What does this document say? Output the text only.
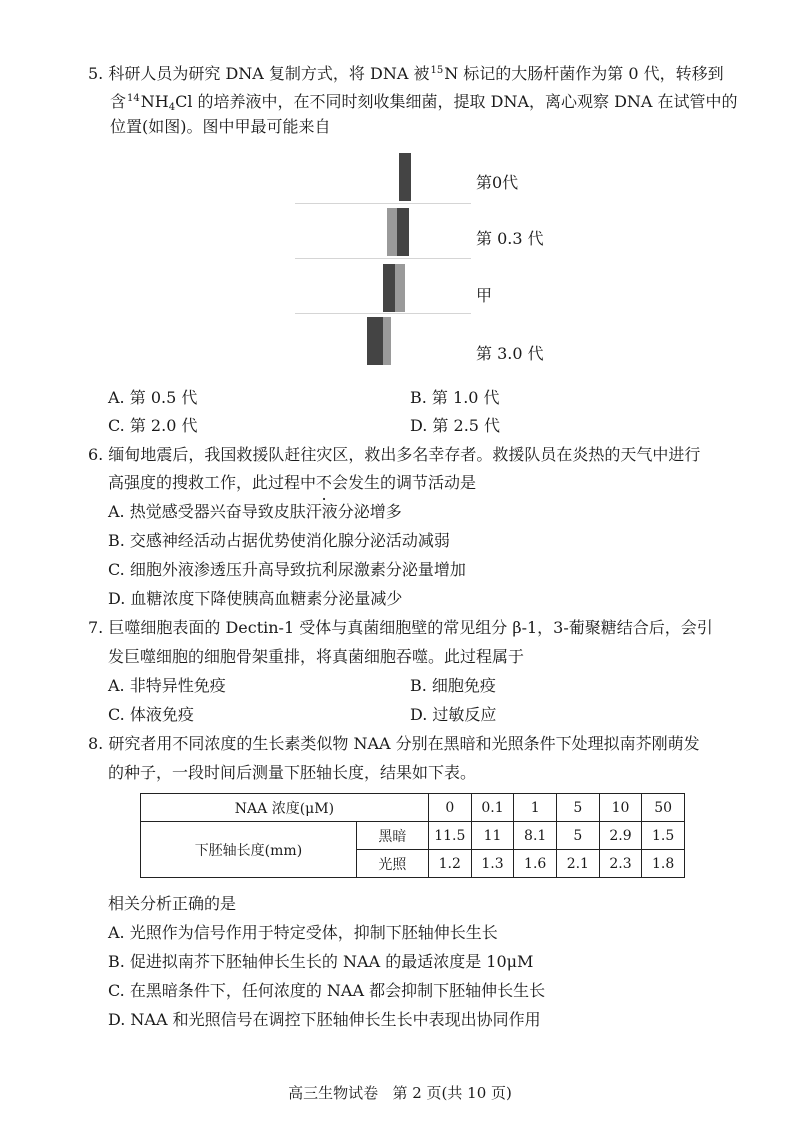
5. 科研人员为研究 DNA 复制方式，将 DNA 被$^{15}$N 标记的大肠杆菌作为第 0 代，转移到
含$^{14}NH_4Cl$ 的培养液中，在不同时刻收集细菌，提取 DNA，离心观察 DNA 在试管中的
位置(如图)。图中甲最可能来自
第0代
第 0.3 代
甲
第 3.0 代
A. 第 0.5 代	B. 第 1.0 代
C. 第 2.0 代	D. 第 2.5 代
6. 缅甸地震后，我国救援队赶往灾区，救出多名幸存者。救援队员在炎热的天气中进行
高强度的搜救工作，此过程中不会发生的调节活动是
A. 热觉感受器兴奋导致皮肤汗液分泌增多
B. 交感神经活动占据优势使消化腺分泌活动减弱
C. 细胞外液渗透压升高导致抗利尿激素分泌量增加
D. 血糖浓度下降使胰高血糖素分泌量减少
7. 巨噬细胞表面的 Dectin-1 受体与真菌细胞壁的常见组分 β-1，3-葡聚糖结合后，会引
发巨噬细胞的细胞骨架重排，将真菌细胞吞噬。此过程属于
A. 非特异性免疫	B. 细胞免疫
C. 体液免疫	D. 过敏反应
8. 研究者用不同浓度的生长素类似物 NAA 分别在黑暗和光照条件下处理拟南芥刚萌发
的种子，一段时间后测量下胚轴长度，结果如下表。
NAA 浓度(μM)		0	0.1	1	5	10	50
下胚轴长度(mm)	黑暗	11.5	11	8.1	5	2.9	1.5
	光照	1.2	1.3	1.6	2.1	2.3	1.8
相关分析正确的是
A. 光照作为信号作用于特定受体，抑制下胚轴伸长生长
B. 促进拟南芥下胚轴伸长生长的 NAA 的最适浓度是 10μM
C. 在黑暗条件下，任何浓度的 NAA 都会抑制下胚轴伸长生长
D. NAA 和光照信号在调控下胚轴伸长生长中表现出协同作用
高三生物试卷   第 2 页(共 10 页)
